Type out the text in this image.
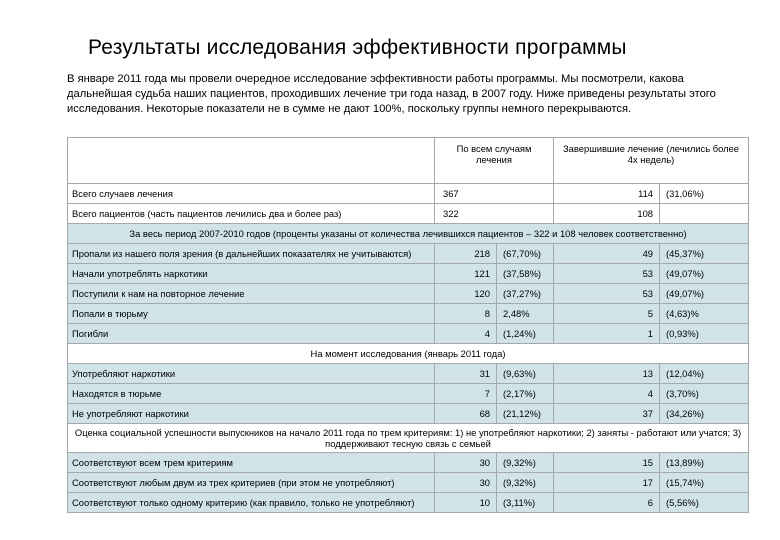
Результаты исследования эффективности программы
В январе 2011 года мы провели очередное исследование эффективности работы программы. Мы посмотрели, какова дальнейшая судьба наших пациентов, проходивших лечение три года назад, в 2007 году. Ниже приведены результаты этого исследования. Некоторые показатели не в сумме не дают 100%, поскольку группы немного перекрываются.
	По всем случаям лечения		Завершившие лечение (лечились более 4х недель)	
Всего случаев лечения	367		114	(31,06%)
Всего пациентов (часть пациентов лечились два и более раз)	322		108	
За весь период 2007-2010 годов (проценты указаны от количества лечившихся пациентов – 322 и 108 человек соответственно)				
Пропали из нашего поля зрения (в дальнейших показателях не учитываются)	218	(67,70%)	49	(45,37%)
Начали употреблять наркотики	121	(37,58%)	53	(49,07%)
Поступили к нам на повторное лечение	120	(37,27%)	53	(49,07%)
Попали в тюрьму	8	2,48%	5	(4,63)%
Погибли	4	(1,24%)	1	(0,93%)
На момент исследования (январь 2011 года)				
Употребляют наркотики	31	(9,63%)	13	(12,04%)
Находятся в тюрьме	7	(2,17%)	4	(3,70%)
Не употребляют наркотики	68	(21,12%)	37	(34,26%)
Оценка социальной успешности выпускников на начало 2011 года по трем критериям: 1) не употребляют наркотики; 2) заняты - работают или учатся; 3) поддерживают тесную связь с семьей				
Соответствуют всем трем критериям	30	(9,32%)	15	(13,89%)
Соответствуют любым двум из трех критериев (при этом не употребляют)	30	(9,32%)	17	(15,74%)
Соответствуют только одному критерию (как правило, только не употребляют)	10	(3,11%)	6	(5,56%)
